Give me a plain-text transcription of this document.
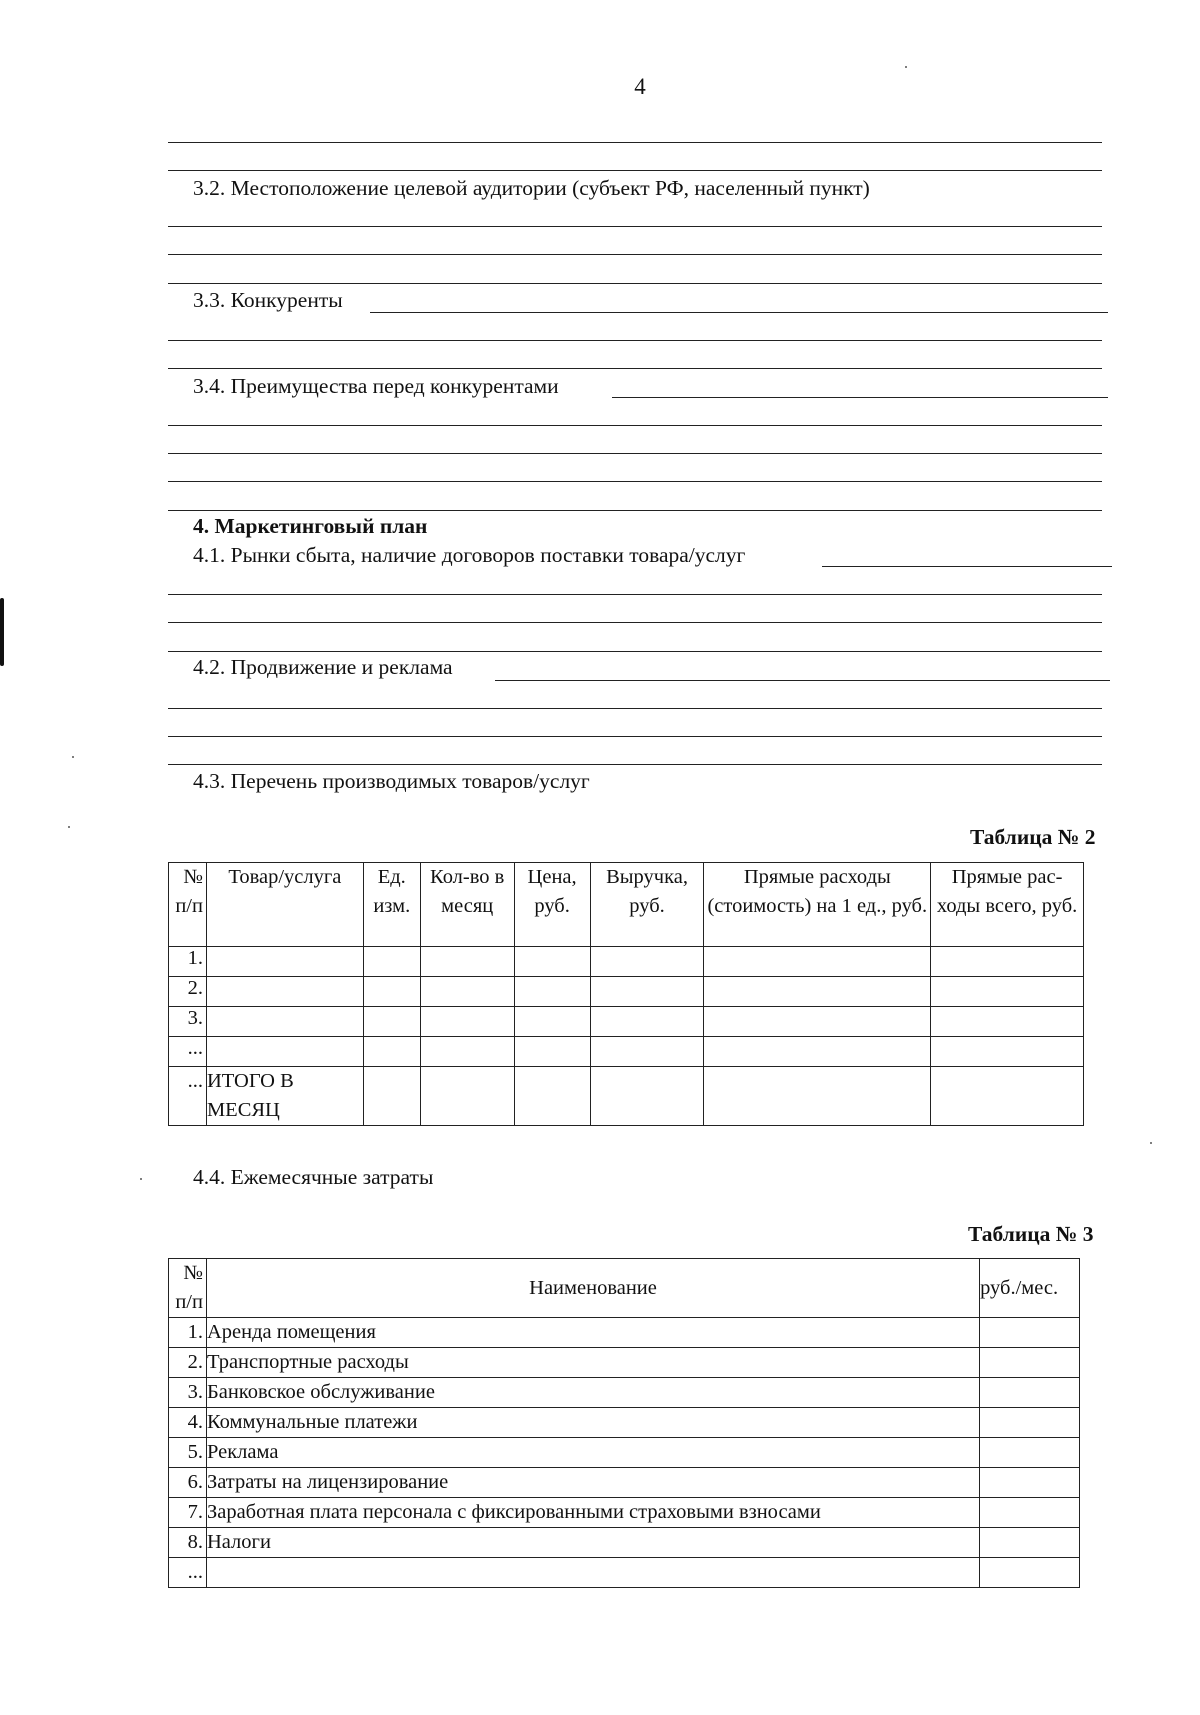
4
3.2. Местоположение целевой аудитории (субъект РФ, населенный пункт)
3.3. Конкуренты
3.4. Преимущества перед конкурентами
4. Маркетинговый план
4.1. Рынки сбыта, наличие договоров поставки товара/услуг
4.2. Продвижение и реклама
4.3. Перечень производимых товаров/услуг
Таблица № 2
№ п/п	Товар/услуга	Ед. изм.	Кол-во в месяц	Цена, руб.	Выручка, руб.	Прямые расходы (стоимость) на 1 ед., руб.	Прямые рас-ходы всего, руб.
1.							
2.							
3.							
...							
...	ИТОГО В МЕСЯЦ						
4.4. Ежемесячные затраты
Таблица № 3
№ п/п	Наименование	руб./мес.
1.	Аренда помещения	
2.	Транспортные расходы	
3.	Банковское обслуживание	
4.	Коммунальные платежи	
5.	Реклама	
6.	Затраты на лицензирование	
7.	Заработная плата персонала с фиксированными страховыми взносами	
8.	Налоги	
...		
